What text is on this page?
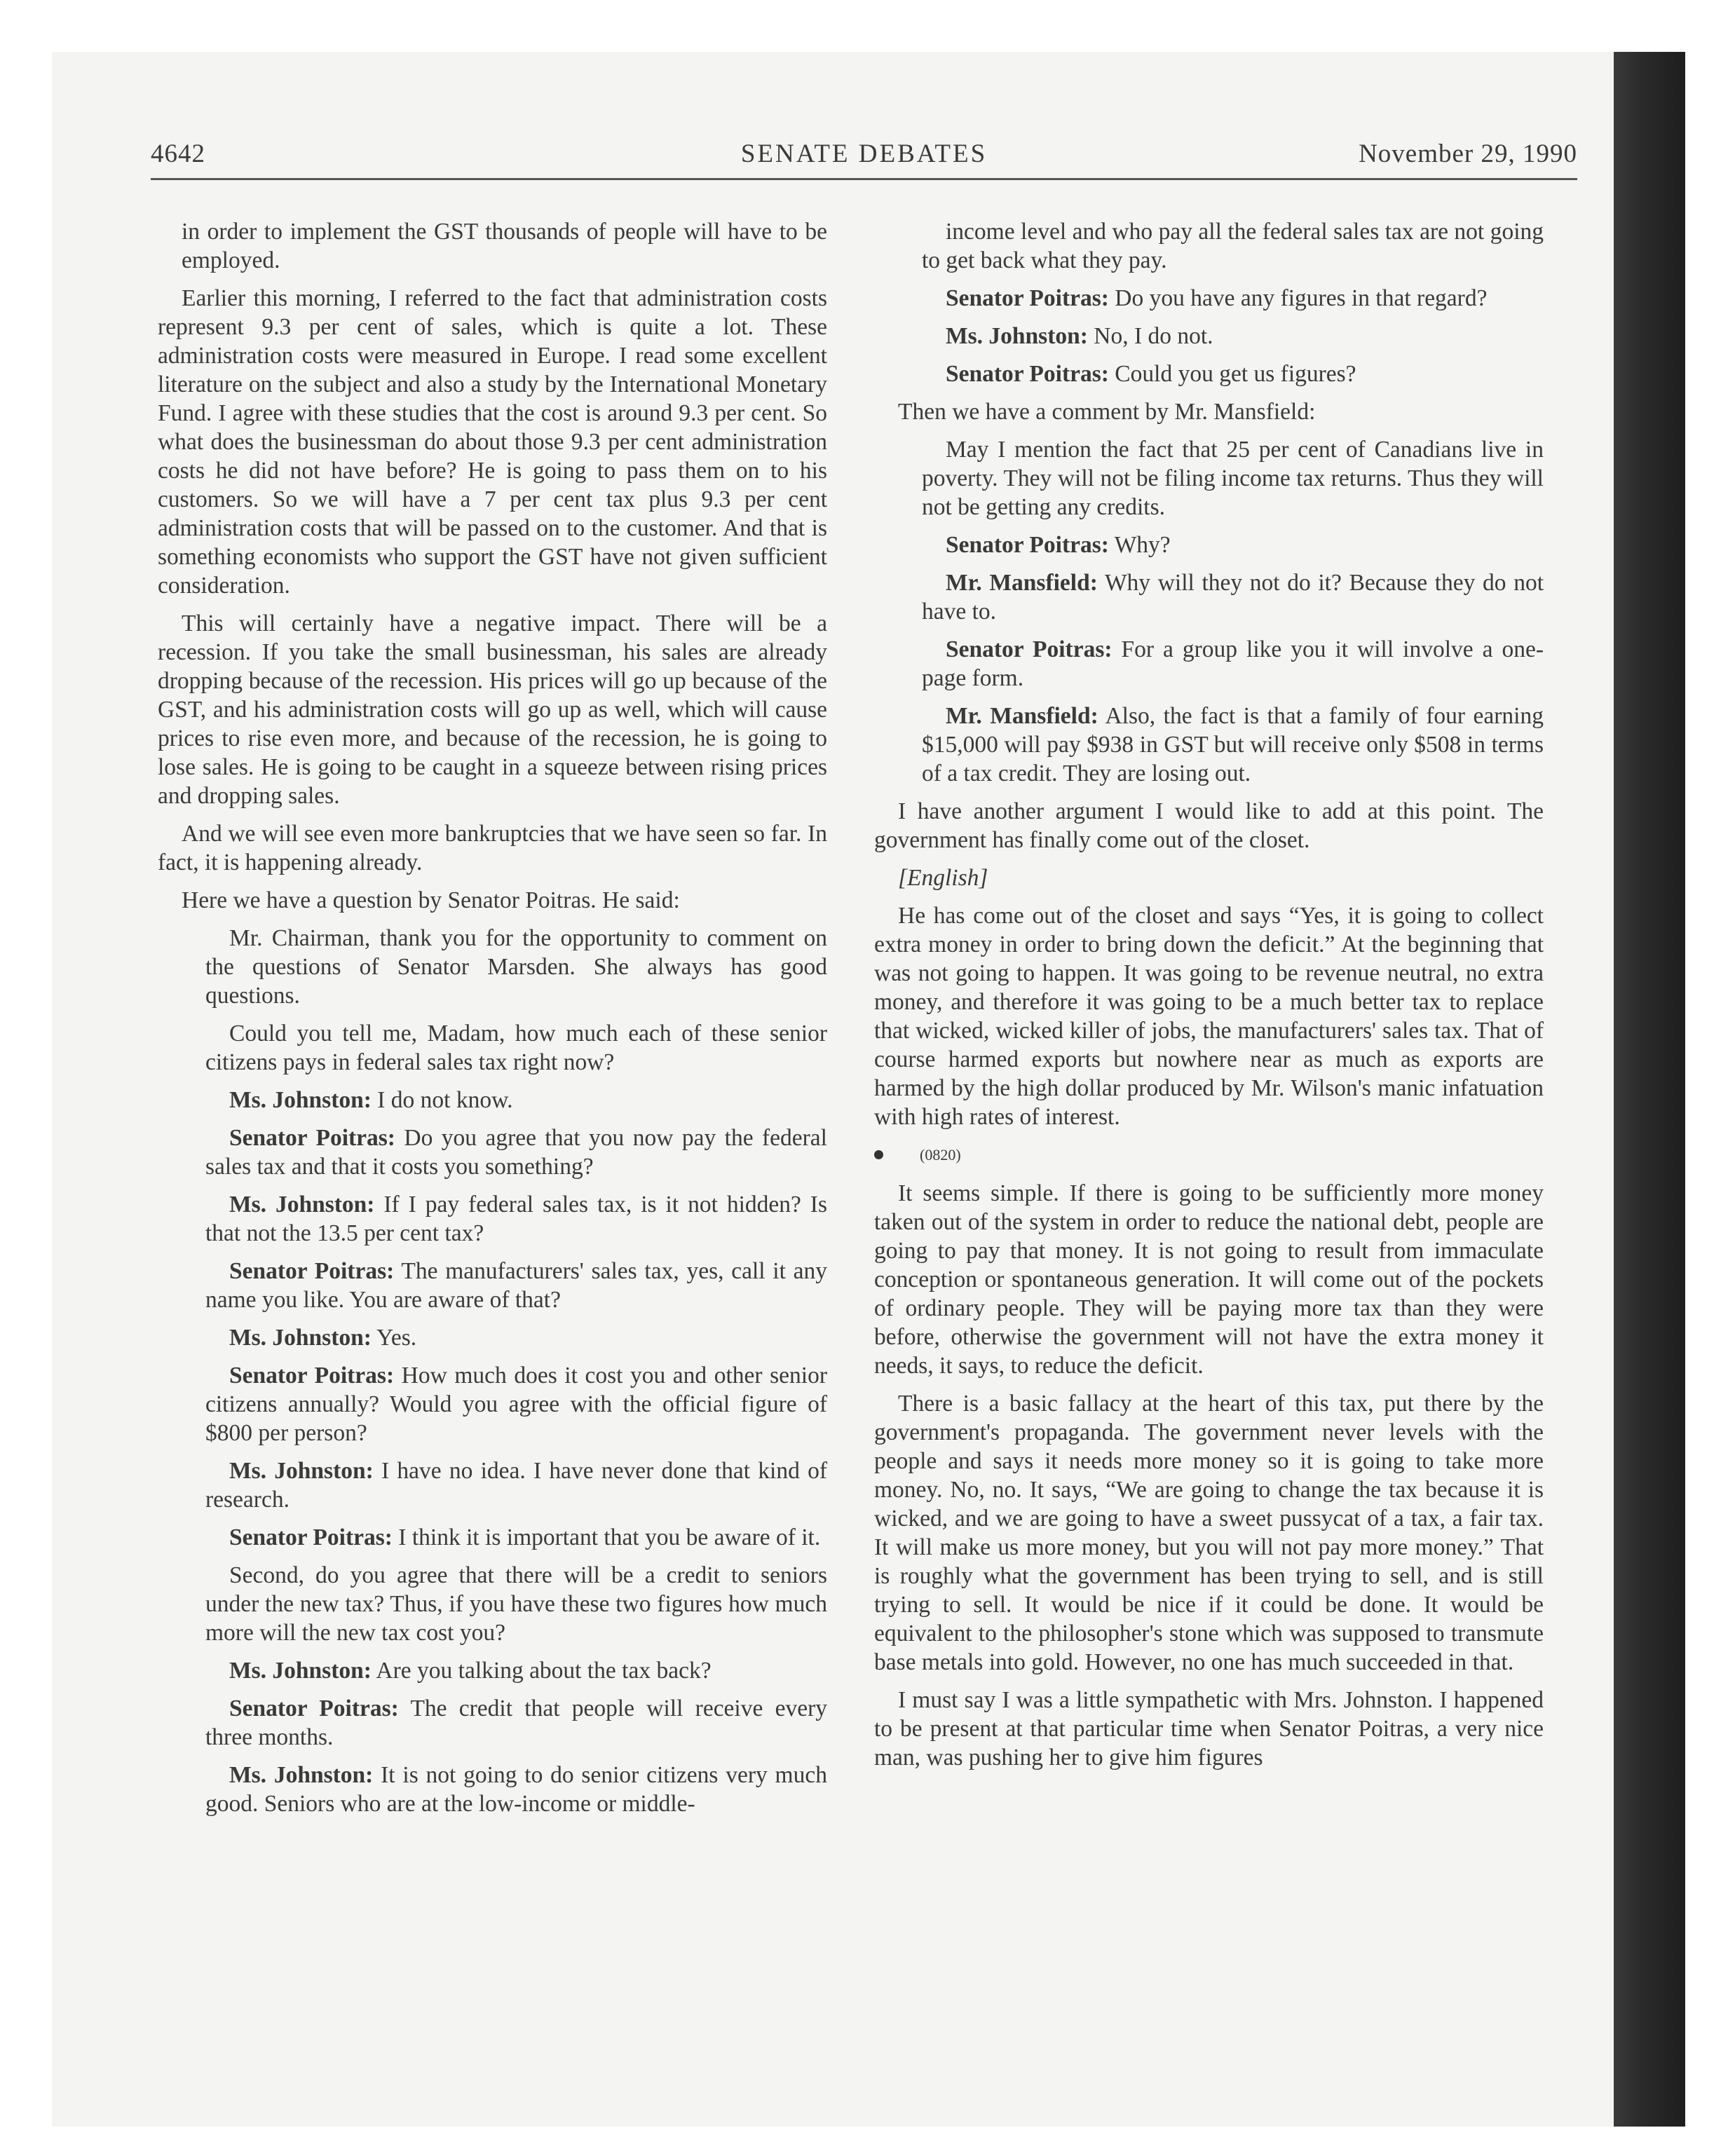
4642	SENATE DEBATES	November 29, 1990

in order to implement the GST thousands of people will have to be employed.

Earlier this morning, I referred to the fact that administration costs represent 9.3 per cent of sales, which is quite a lot. These administration costs were measured in Europe. I read some excellent literature on the subject and also a study by the International Monetary Fund. I agree with these studies that the cost is around 9.3 per cent. So what does the businessman do about those 9.3 per cent administration costs he did not have before? He is going to pass them on to his customers. So we will have a 7 per cent tax plus 9.3 per cent administration costs that will be passed on to the customer. And that is something economists who support the GST have not given sufficient consideration.

This will certainly have a negative impact. There will be a recession. If you take the small businessman, his sales are already dropping because of the recession. His prices will go up because of the GST, and his administration costs will go up as well, which will cause prices to rise even more, and because of the recession, he is going to lose sales. He is going to be caught in a squeeze between rising prices and dropping sales.

And we will see even more bankruptcies that we have seen so far. In fact, it is happening already.

Here we have a question by Senator Poitras. He said:

Mr. Chairman, thank you for the opportunity to comment on the questions of Senator Marsden. She always has good questions.

Could you tell me, Madam, how much each of these senior citizens pays in federal sales tax right now?

Ms. Johnston: I do not know.

Senator Poitras: Do you agree that you now pay the federal sales tax and that it costs you something?

Ms. Johnston: If I pay federal sales tax, is it not hidden? Is that not the 13.5 per cent tax?

Senator Poitras: The manufacturers' sales tax, yes, call it any name you like. You are aware of that?

Ms. Johnston: Yes.

Senator Poitras: How much does it cost you and other senior citizens annually? Would you agree with the official figure of $800 per person?

Ms. Johnston: I have no idea. I have never done that kind of research.

Senator Poitras: I think it is important that you be aware of it.

Second, do you agree that there will be a credit to seniors under the new tax? Thus, if you have these two figures how much more will the new tax cost you?

Ms. Johnston: Are you talking about the tax back?

Senator Poitras: The credit that people will receive every three months.

Ms. Johnston: It is not going to do senior citizens very much good. Seniors who are at the low-income or middle-

income level and who pay all the federal sales tax are not going to get back what they pay.

Senator Poitras: Do you have any figures in that regard?

Ms. Johnston: No, I do not.

Senator Poitras: Could you get us figures?

Then we have a comment by Mr. Mansfield:

May I mention the fact that 25 per cent of Canadians live in poverty. They will not be filing income tax returns. Thus they will not be getting any credits.

Senator Poitras: Why?

Mr. Mansfield: Why will they not do it? Because they do not have to.

Senator Poitras: For a group like you it will involve a one-page form.

Mr. Mansfield: Also, the fact is that a family of four earning $15,000 will pay $938 in GST but will receive only $508 in terms of a tax credit. They are losing out.

I have another argument I would like to add at this point. The government has finally come out of the closet.

[English]

He has come out of the closet and says “Yes, it is going to collect extra money in order to bring down the deficit.” At the beginning that was not going to happen. It was going to be revenue neutral, no extra money, and therefore it was going to be a much better tax to replace that wicked, wicked killer of jobs, the manufacturers' sales tax. That of course harmed exports but nowhere near as much as exports are harmed by the high dollar produced by Mr. Wilson's manic infatuation with high rates of interest.

(0820)

It seems simple. If there is going to be sufficiently more money taken out of the system in order to reduce the national debt, people are going to pay that money. It is not going to result from immaculate conception or spontaneous generation. It will come out of the pockets of ordinary people. They will be paying more tax than they were before, otherwise the government will not have the extra money it needs, it says, to reduce the deficit.

There is a basic fallacy at the heart of this tax, put there by the government's propaganda. The government never levels with the people and says it needs more money so it is going to take more money. No, no. It says, “We are going to change the tax because it is wicked, and we are going to have a sweet pussycat of a tax, a fair tax. It will make us more money, but you will not pay more money.” That is roughly what the government has been trying to sell, and is still trying to sell. It would be nice if it could be done. It would be equivalent to the philosopher's stone which was supposed to transmute base metals into gold. However, no one has much succeeded in that.

I must say I was a little sympathetic with Mrs. Johnston. I happened to be present at that particular time when Senator Poitras, a very nice man, was pushing her to give him figures
